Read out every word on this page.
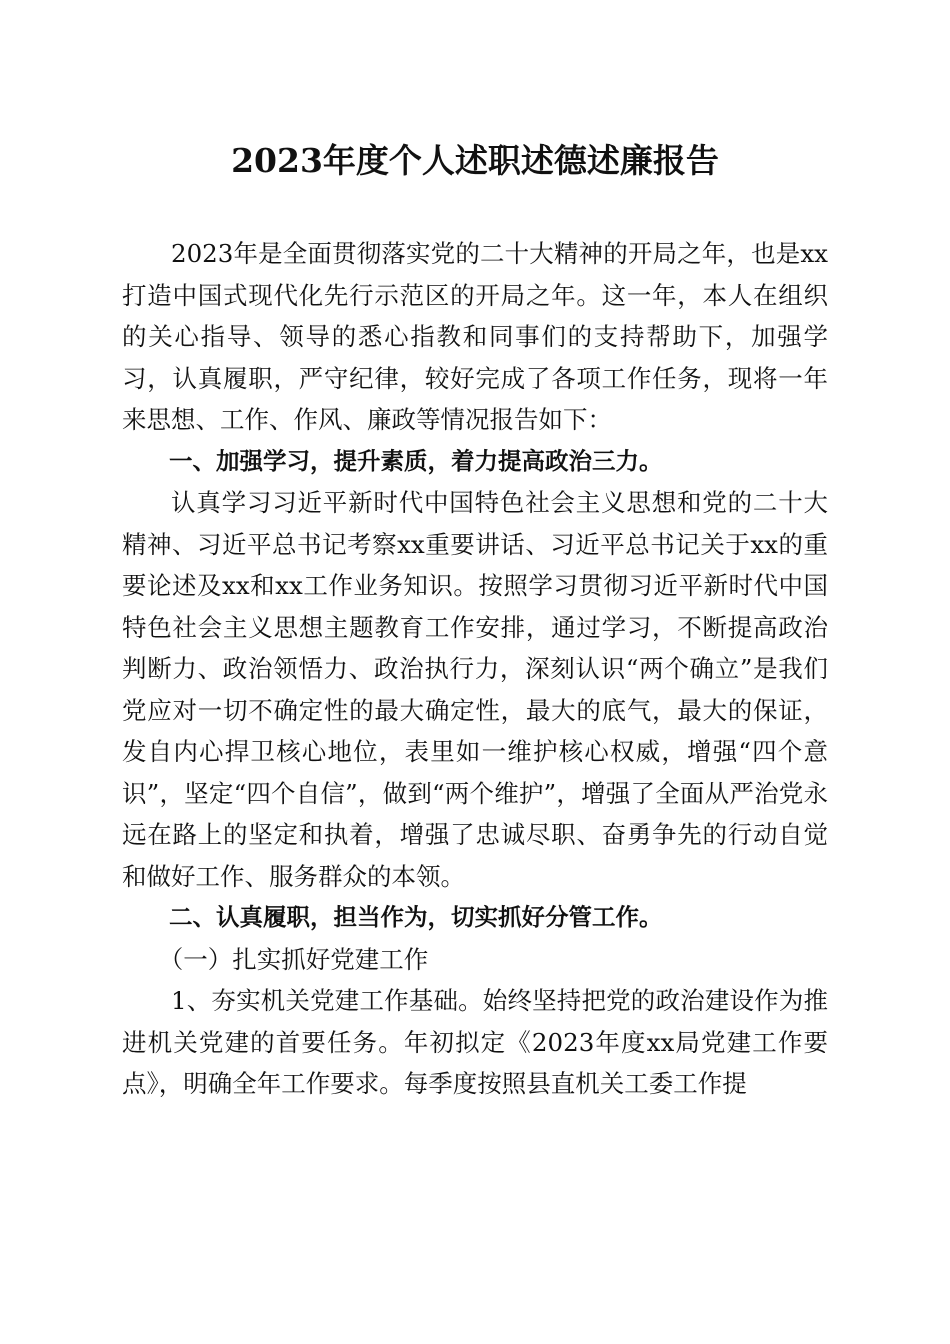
2023年度个人述职述德述廉报告

2023年是全面贯彻落实党的二十大精神的开局之年，也是xx打造中国式现代化先行示范区的开局之年。这一年，本人在组织的关心指导、领导的悉心指教和同事们的支持帮助下，加强学习，认真履职，严守纪律，较好完成了各项工作任务，现将一年来思想、工作、作风、廉政等情况报告如下：

一、加强学习，提升素质，着力提高政治三力。

认真学习习近平新时代中国特色社会主义思想和党的二十大精神、习近平总书记考察xx重要讲话、习近平总书记关于xx的重要论述及xx和xx工作业务知识。按照学习贯彻习近平新时代中国特色社会主义思想主题教育工作安排，通过学习，不断提高政治判断力、政治领悟力、政治执行力，深刻认识“两个确立”是我们党应对一切不确定性的最大确定性，最大的底气，最大的保证，发自内心捍卫核心地位，表里如一维护核心权威，增强“四个意识”，坚定“四个自信”，做到“两个维护”，增强了全面从严治党永远在路上的坚定和执着，增强了忠诚尽职、奋勇争先的行动自觉和做好工作、服务群众的本领。

二、认真履职，担当作为，切实抓好分管工作。

（一）扎实抓好党建工作

1、夯实机关党建工作基础。始终坚持把党的政治建设作为推进机关党建的首要任务。年初拟定《2023年度xx局党建工作要点》，明确全年工作要求。每季度按照县直机关工委工作提
